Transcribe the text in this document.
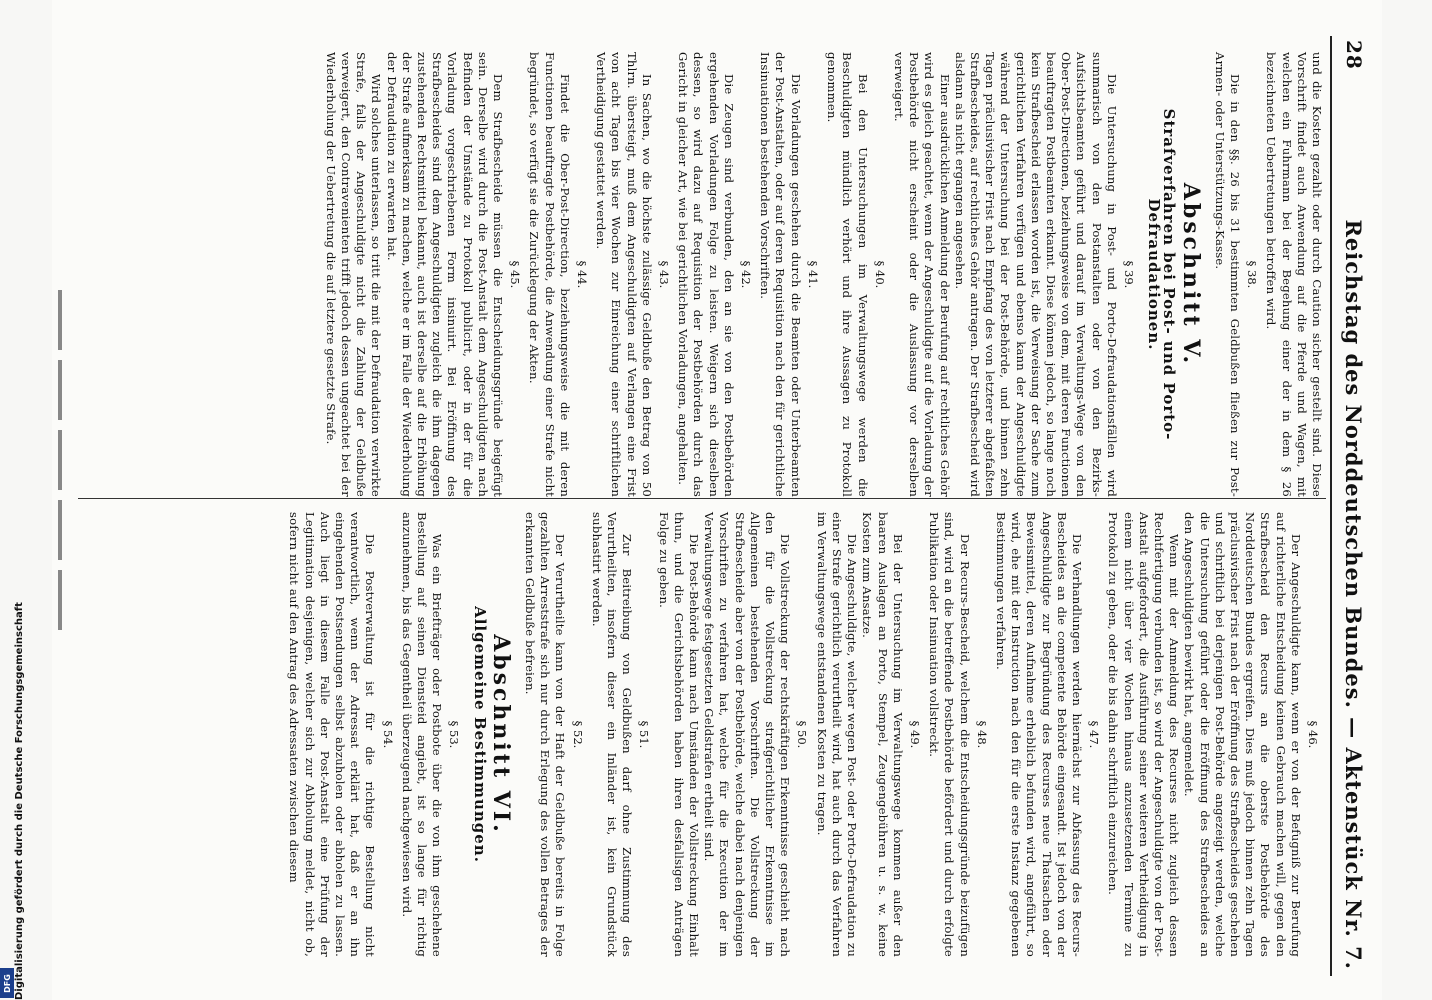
28
Reichstag des Norddeutschen Bundes. — Aktenstück Nr. 7.

und die Kosten gezahlt oder durch Caution sicher gestellt sind. Diese Vorschrift findet auch Anwendung auf die Pferde und Wagen, mit welchen ein Fuhrmann bei der Begehung einer der in dem § 26 bezeichneten Uebertretungen betroffen wird.

§ 38.

Die in den §§. 26 bis 31 bestimmten Geldbußen fließen zur Post-Armen- oder Unterstützungs-Kasse.

Abschnitt V.
Strafverfahren bei Post- und Porto-Defraudationen.
§ 39.

Die Untersuchung in Post- und Porto-Defraudationsfällen wird summarisch von den Postanstalten oder von den Bezirks-Aufsichtsbeamten geführt und darauf im Verwaltungs-Wege von den Ober-Post-Directionen, beziehungsweise von dem, mit deren Functionen beauftragten Postbeamten erkannt. Diese können jedoch, so lange noch kein Strafbescheid erlassen worden ist, die Verweisung der Sache zum gerichtlichen Verfahren verfügen und ebenso kann der Angeschuldigte während der Untersuchung bei der Post-Behörde, und binnen zehn Tagen präclusivischer Frist nach Empfang des von letzterer abgefaßten Strafbescheides, auf rechtliches Gehör antragen. Der Strafbescheid wird alsdann als nicht ergangen angesehen.

Einer ausdrücklichen Anmeldung der Berufung auf rechtliches Gehör wird es gleich geachtet, wenn der Angeschuldigte auf die Vorladung der Postbehörde nicht erscheint oder die Auslassung vor derselben verweigert.

§ 40.

Bei den Untersuchungen im Verwaltungswege werden die Beschuldigten mündlich verhört und ihre Aussagen zu Protokoll genommen.

§ 41.

Die Vorladungen geschehen durch die Beamten oder Unterbeamten der Post-Anstalten, oder auf deren Requisition nach den für gerichtliche Insinuationen bestehenden Vorschriften.

§ 42.

Die Zeugen sind verbunden, den an sie von den Postbehörden ergehenden Vorladungen Folge zu leisten. Weigern sich dieselben dessen, so wird dazu auf Requisition der Postbehörden durch das Gericht in gleicher Art, wie bei gerichtlichen Vorladungen, angehalten.

§ 43.

In Sachen, wo die höchste zulässige Geldbuße den Betrag von 50 Thlrn. übersteigt, muß dem Angeschuldigten auf Verlangen eine Frist von acht Tagen bis vier Wochen zur Einreichung einer schriftlichen Vertheidigung gestattet werden.

§ 44.

Findet die Ober-Post-Direction, beziehungsweise die mit deren Functionen beauftragte Postbehörde, die Anwendung einer Strafe nicht begründet, so verfügt sie die Zurücklegung der Akten.

§ 45.

Dem Strafbescheide müssen die Entscheidungsgründe beigefügt sein. Derselbe wird durch die Post-Anstalt dem Angeschuldigten nach Befinden der Umstände zu Protokoll publicirt, oder in der für die Vorladung vorgeschriebenen Form insinuirt. Bei Eröffnung des Strafbescheides sind dem Angeschuldigten zugleich die ihm dagegen zustehenden Rechtsmittel bekannt, auch ist derselbe auf die Erhöhung der Strafe aufmerksam zu machen, welche er im Falle der Wiederholung der Defraudation zu erwarten hat.

Wird solches unterlassen, so tritt die mit der Defraudation verwirkte Strafe, falls der Angeschuldigte nicht die Zahlung der Geldbuße verweigert, den Contravenienten trifft jedoch dessen ungeachtet bei der Wiederholung der Uebertretung die auf letztere gesetzte Strafe.

§ 46.

Der Angeschuldigte kann, wenn er von der Befugniß zur Berufung auf richterliche Entscheidung keinen Gebrauch machen will, gegen den Strafbescheid den Recurs an die oberste Postbehörde des Norddeutschen Bundes ergreifen. Dies muß jedoch binnen zehn Tagen präclusivischer Frist nach der Eröffnung des Strafbescheides geschehen und schriftlich bei derjenigen Post-Behörde angezeigt werden, welche die Untersuchung geführt oder die Eröffnung des Strafbescheides an den Angeschuldigten bewirkt hat, angemeldet.

Wenn mit der Anmeldung des Recurses nicht zugleich dessen Rechtfertigung verbunden ist, so wird der Angeschuldigte von der Post-Anstalt aufgefordert, die Ausführung seiner weiteren Vertheidigung in einem nicht über vier Wochen hinaus anzusetzenden Termine zu Protokoll zu geben, oder die bis dahin schriftlich einzureichen.

§ 47.

Die Verhandlungen werden hiernächst zur Abfassung des Recurs-Bescheides an die competente Behörde eingesandt. Ist jedoch von der Angeschuldigte zur Begründung des Recurses neue Thatsachen oder Beweismittel, deren Aufnahme erheblich befunden wird, angeführt, so wird, ehe mit der Instruction nach den für die erste Instanz gegebenen Bestimmungen verfahren.

§ 48.

Der Recurs-Bescheid, welchem die Entscheidungsgründe beizufügen sind, wird an die betreffende Postbehörde befördert und durch erfolgte Publikation oder Insinuation vollstreckt.

§ 49.

Bei der Untersuchung im Verwaltungswege kommen außer den baaren Auslagen an Porto, Stempel, Zeugengebühren u. s. w. keine Kosten zum Ansatze.

Die Angeschuldigte, welcher wegen Post- oder Porto-Defraudation zu einer Strafe gerichtlich verurtheilt wird, hat auch durch das Verfahren im Verwaltungswege entstandenen Kosten zu tragen.

§ 50.

Die Vollstreckung der rechtskräftigen Erkenntnisse geschieht nach den für die Vollstreckung strafgerichtlicher Erkenntnisse im Allgemeinen bestehenden Vorschriften. Die Vollstreckung der Strafbescheide aber von der Postbehörde, welche dabei nach denjenigen Vorschriften zu verfahren hat, welche für die Execution der im Verwaltungswege festgesetzten Geldstrafen ertheilt sind.

Die Post-Behörde kann nach Umständen der Vollstreckung Einhalt thun, und die Gerichtsbehörden haben ihren desfallsigen Anträgen Folge zu geben.

§ 51.

Zur Beitreibung von Geldbußen darf ohne Zustimmung des Verurtheilten, insofern dieser ein Inländer ist, kein Grundstück subhastirt werden.

§ 52.

Der Verurtheilte kann von der Haft der Geldbuße bereits in Folge gezahlten Arreststrafe sich nur durch Erlegung des vollen Betrages der erkannten Geldbuße befreien.

Abschnitt VI.
Allgemeine Bestimmungen.
§ 53.

Was ein Briefträger oder Postbote über die von ihm geschehene Bestellung auf seinen Diensteid angiebt, ist so lange für richtig anzunehmen, bis das Gegentheil überzeugend nachgewiesen wird.

§ 54.

Die Postverwaltung ist für die richtige Bestellung nicht verantwortlich, wenn der Adressat erklärt hat, daß er an ihn eingehenden Postsendungen selbst abzuholen oder abholen zu lassen. Auch liegt in diesem Falle der Post-Anstalt eine Prüfung der Legitimation desjenigen, welcher sich zur Abholung meldet, nicht ob, sofern nicht auf den Antrag des Adressaten zwischen diesem

Digitalisierung gefördert durch die Deutsche Forschungsgemeinschaft
DFG
